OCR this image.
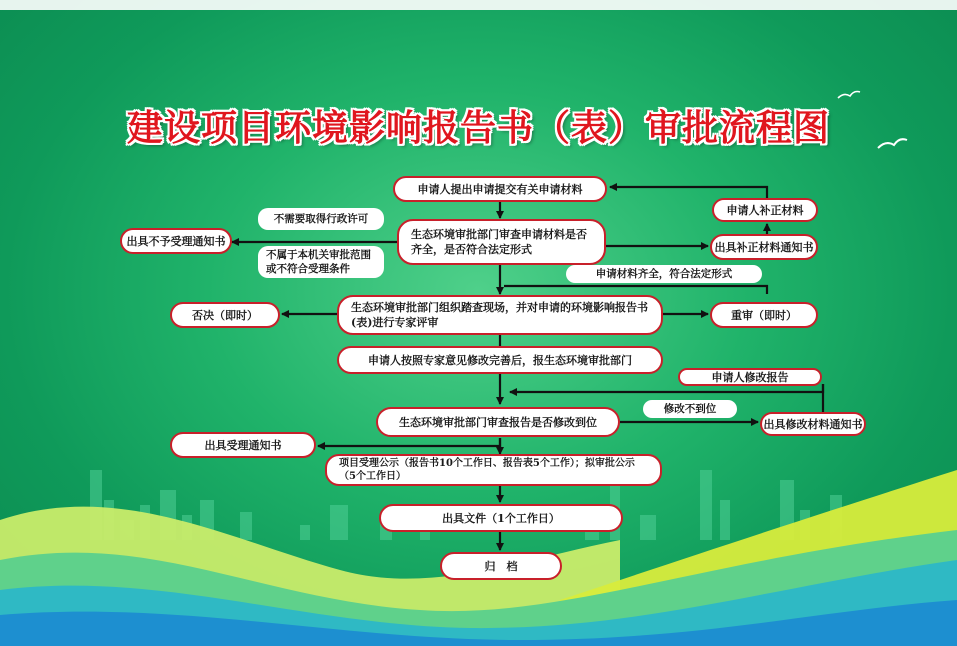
建设项目环境影响报告书（表）审批流程图
申请人提出申请提交有关申请材料
生态环境审批部门审查申请材料是否齐全，是否符合法定形式
出具不予受理通知书
申请人补正材料
出具补正材料通知书
生态环境审批部门组织踏查现场，并对申请的环境影响报告书(表)进行专家评审
否决（即时）	重审（即时）
申请人按照专家意见修改完善后，报生态环境审批部门
申请人修改报告
生态环境审批部门审查报告是否修改到位	出具修改材料通知书
出具受理通知书
项目受理公示（报告书10个工作日、报告表5个工作）；拟审批公示（5个工作日）
出具文件（1个工作日）
归　档
不需要取得行政许可
不属于本机关审批范围或不符合受理条件	申请材料齐全，符合法定形式
修改不到位
